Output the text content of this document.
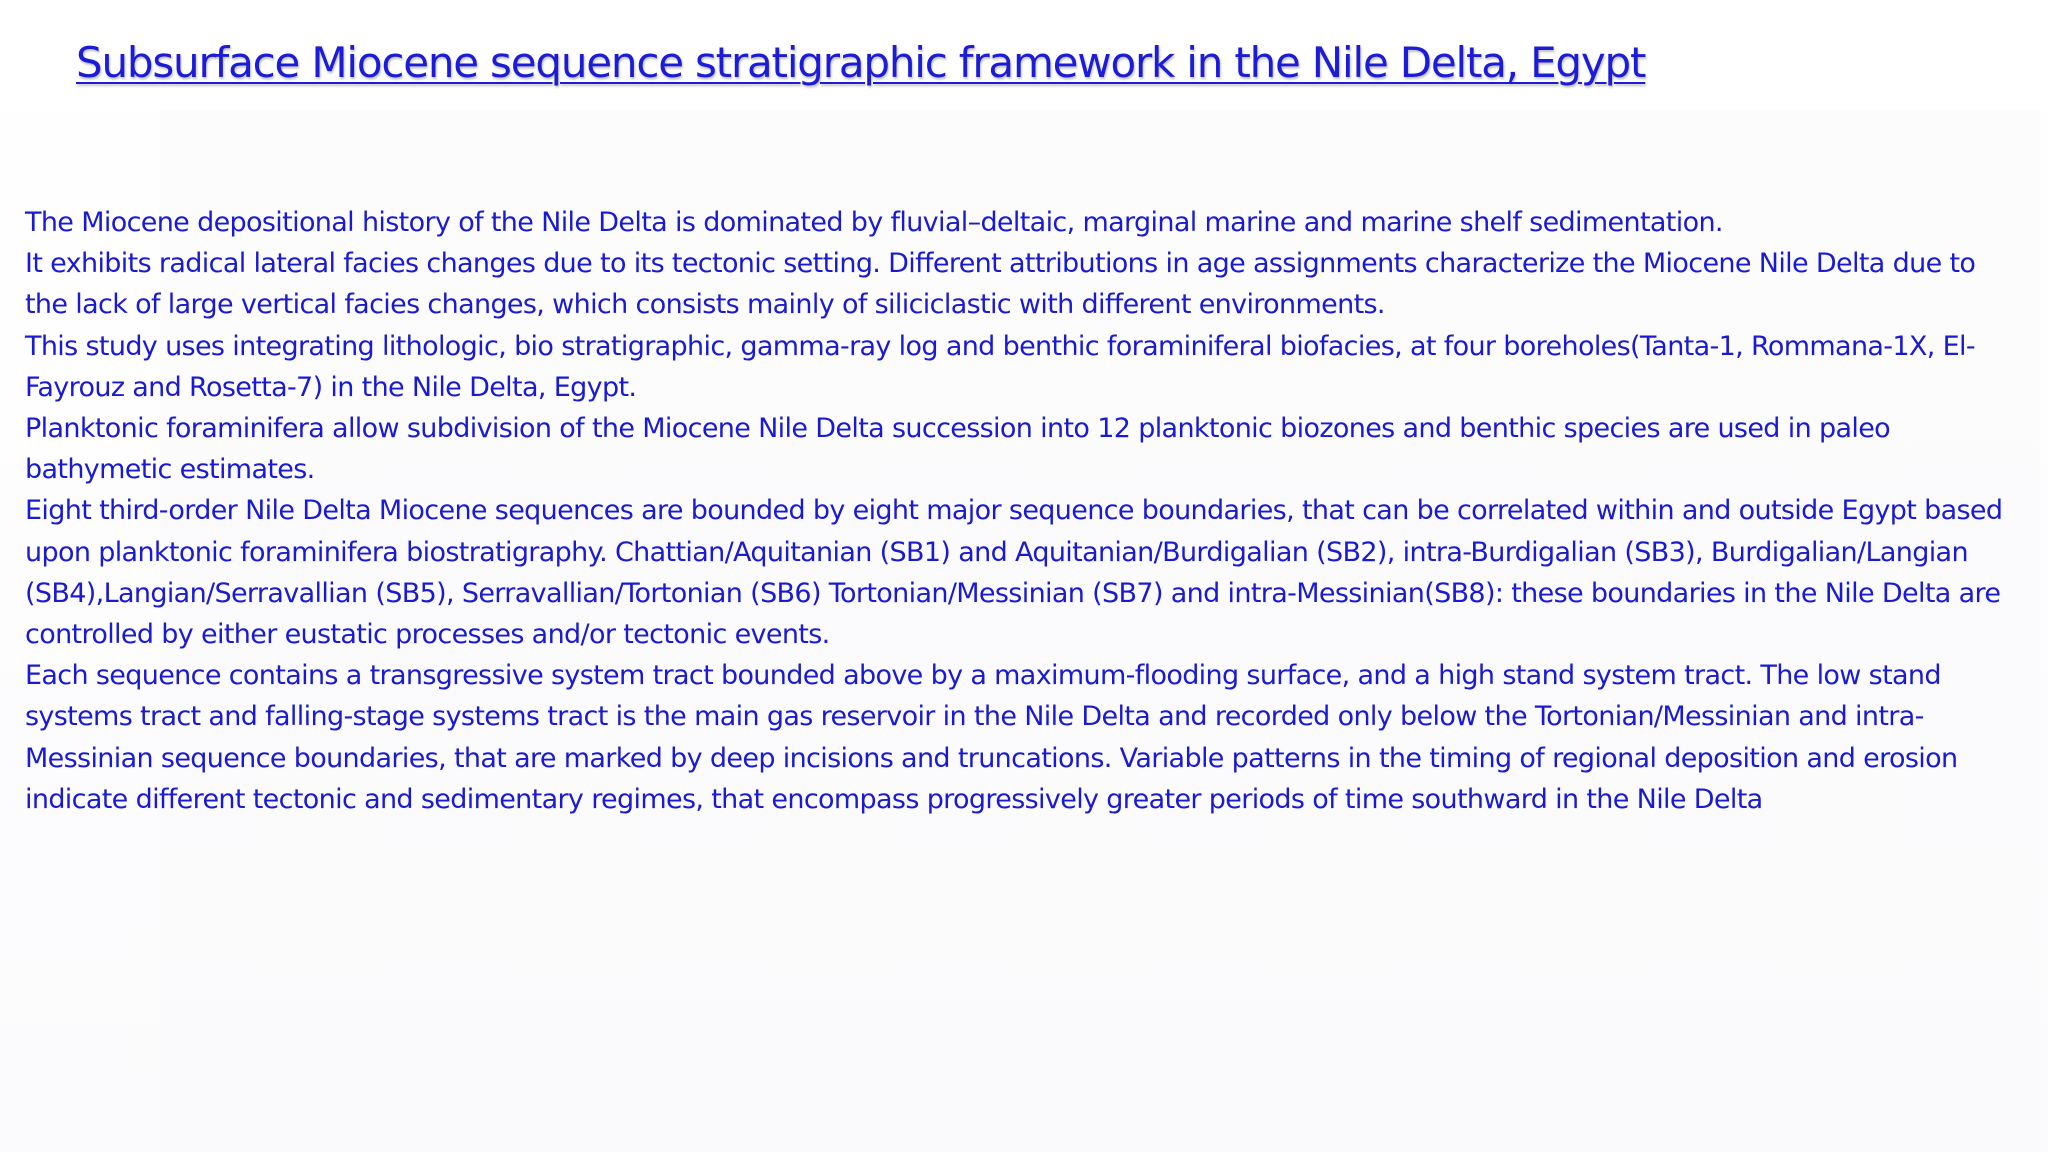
Subsurface Miocene sequence stratigraphic framework in the Nile Delta, Egypt

The Miocene depositional history of the Nile Delta is dominated by fluvial–deltaic, marginal marine and marine shelf sedimentation.

It exhibits radical lateral facies changes due to its tectonic setting. Different attributions in age assignments characterize the Miocene Nile Delta due to the lack of large vertical facies changes, which consists mainly of siliciclastic with different environments.

This study uses integrating lithologic, bio stratigraphic, gamma-ray log and benthic foraminiferal biofacies, at four boreholes(Tanta-1, Rommana-1X, El-Fayrouz and Rosetta-7) in the Nile Delta, Egypt.

Planktonic foraminifera allow subdivision of the Miocene Nile Delta succession into 12 planktonic biozones and benthic species are used in paleo bathymetic estimates.

Eight third-order Nile Delta Miocene sequences are bounded by eight major sequence boundaries, that can be correlated within and outside Egypt based upon planktonic foraminifera biostratigraphy. Chattian/Aquitanian (SB1) and Aquitanian/Burdigalian (SB2), intra-Burdigalian (SB3), Burdigalian/Langian (SB4),Langian/Serravallian (SB5), Serravallian/Tortonian (SB6) Tortonian/Messinian (SB7) and intra-Messinian(SB8): these boundaries in the Nile Delta are controlled by either eustatic processes and/or tectonic events.

Each sequence contains a transgressive system tract bounded above by a maximum-flooding surface, and a high stand system tract. The low stand systems tract and falling-stage systems tract is the main gas reservoir in the Nile Delta and recorded only below the Tortonian/Messinian and intra-Messinian sequence boundaries, that are marked by deep incisions and truncations. Variable patterns in the timing of regional deposition and erosion indicate different tectonic and sedimentary regimes, that encompass progressively greater periods of time southward in the Nile Delta
